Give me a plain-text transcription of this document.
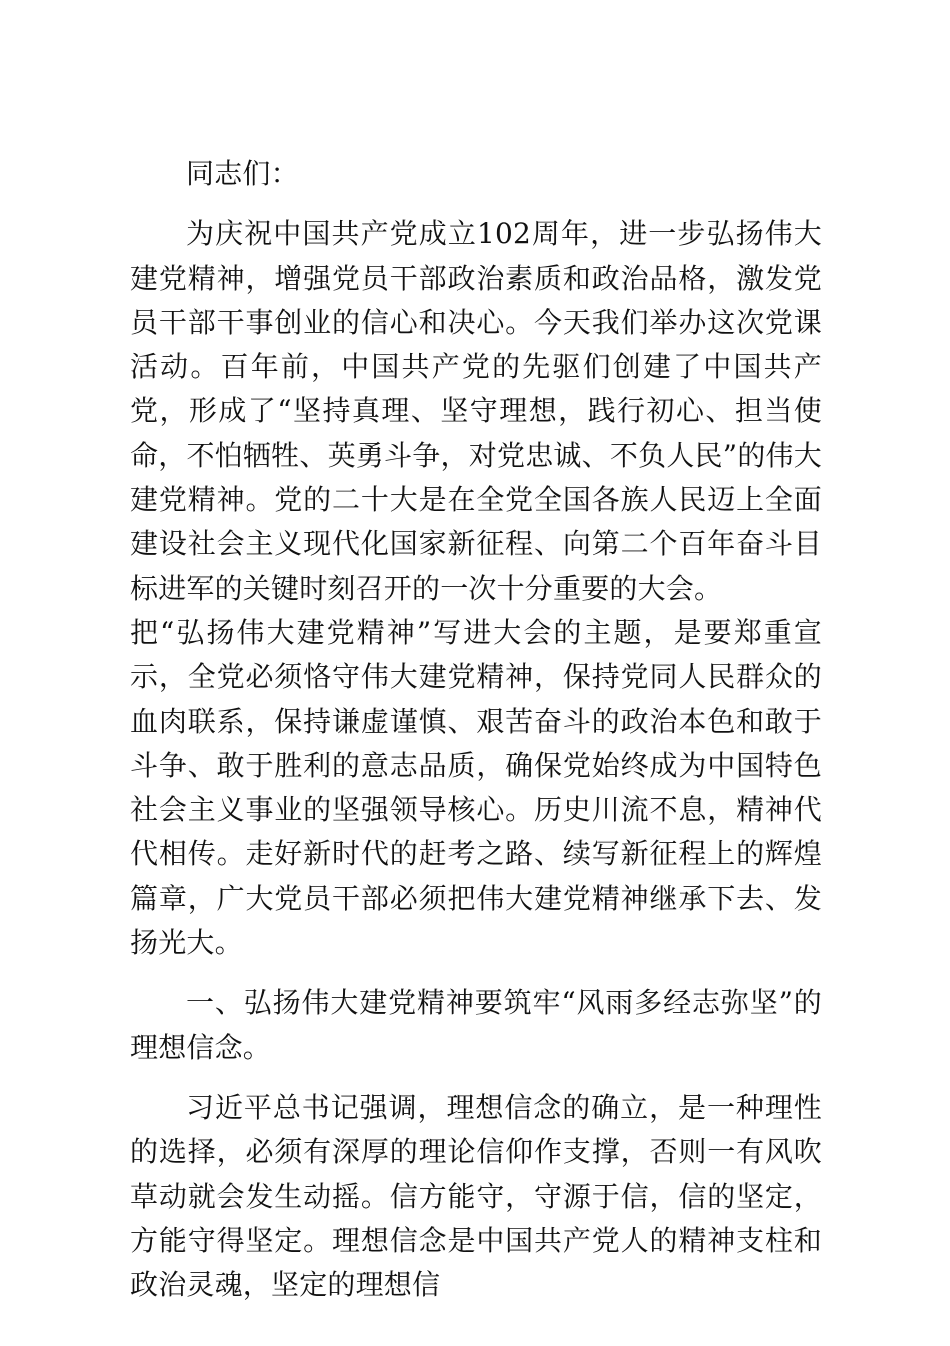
同志们：

为庆祝中国共产党成立102周年，进一步弘扬伟大建党精神，增强党员干部政治素质和政治品格，激发党员干部干事创业的信心和决心。今天我们举办这次党课活动。百年前，中国共产党的先驱们创建了中国共产党，形成了“坚持真理、坚守理想，践行初心、担当使命，不怕牺牲、英勇斗争，对党忠诚、不负人民”的伟大建党精神。党的二十大是在全党全国各族人民迈上全面建设社会主义现代化国家新征程、向第二个百年奋斗目标进军的关键时刻召开的一次十分重要的大会。

把“弘扬伟大建党精神”写进大会的主题，是要郑重宣示，全党必须恪守伟大建党精神，保持党同人民群众的血肉联系，保持谦虚谨慎、艰苦奋斗的政治本色和敢于斗争、敢于胜利的意志品质，确保党始终成为中国特色社会主义事业的坚强领导核心。历史川流不息，精神代代相传。走好新时代的赶考之路、续写新征程上的辉煌篇章，广大党员干部必须把伟大建党精神继承下去、发扬光大。

一、弘扬伟大建党精神要筑牢“风雨多经志弥坚”的理想信念。

习近平总书记强调，理想信念的确立，是一种理性的选择，必须有深厚的理论信仰作支撑，否则一有风吹草动就会发生动摇。信方能守，守源于信，信的坚定，方能守得坚定。理想信念是中国共产党人的精神支柱和政治灵魂，坚定的理想信
